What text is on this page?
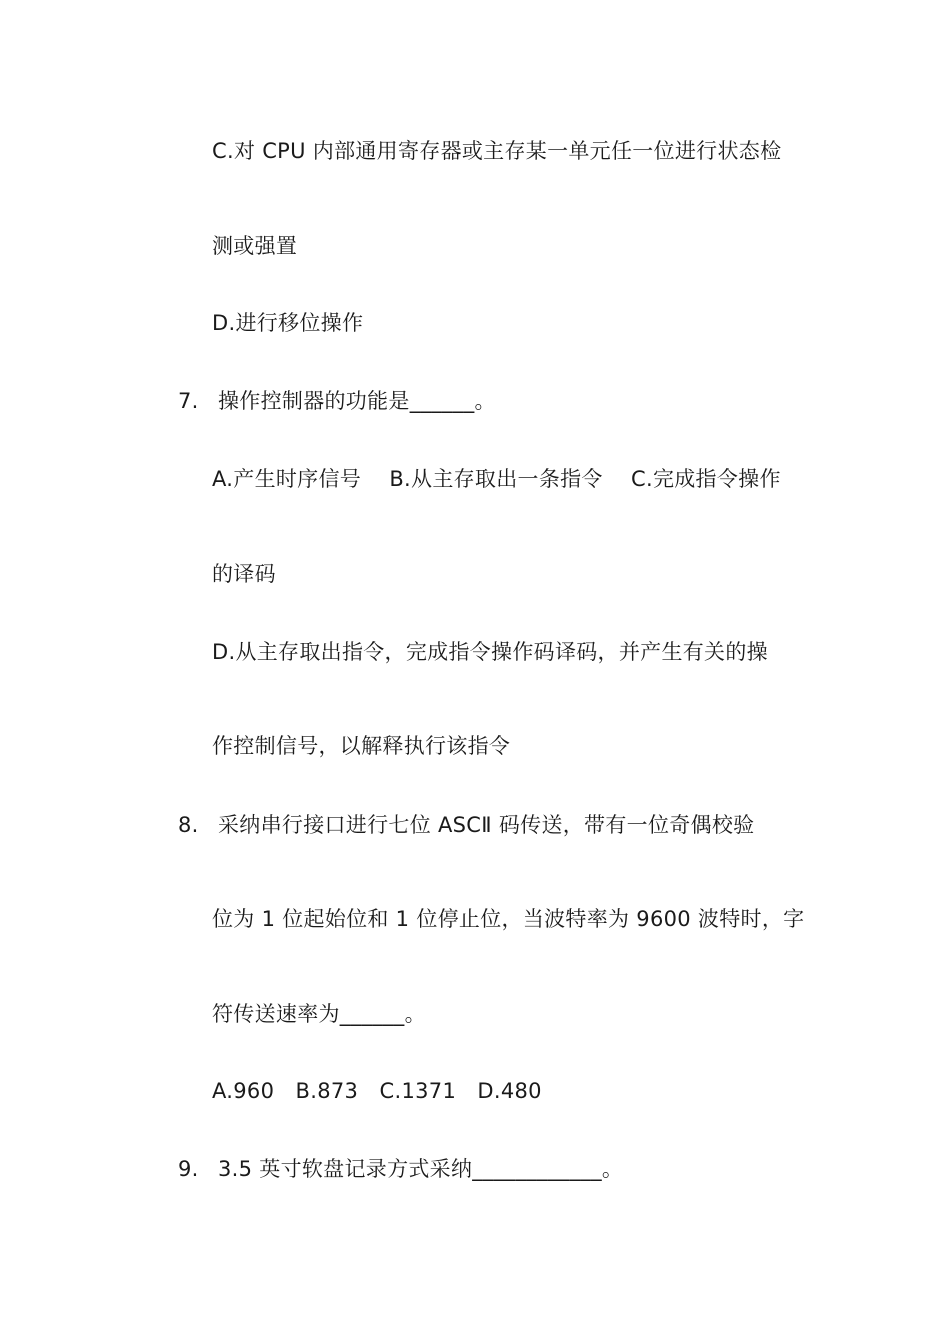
C.对 CPU 内部通用寄存器或主存某一单元任一位进行状态检
测或强置
D.进行移位操作
7. 操作控制器的功能是______。
A.产生时序信号　 B.从主存取出一条指令　 C.完成指令操作
的译码
D.从主存取出指令，完成指令操作码译码，并产生有关的操
作控制信号，以解释执行该指令
8. 采纳串行接口进行七位 ASCⅡ 码传送，带有一位奇偶校验
位为 1 位起始位和 1 位停止位，当波特率为 9600 波特时，字
符传送速率为______。
A.960　B.873　C.1371　D.480
9. 3.5 英寸软盘记录方式采纳____________。
